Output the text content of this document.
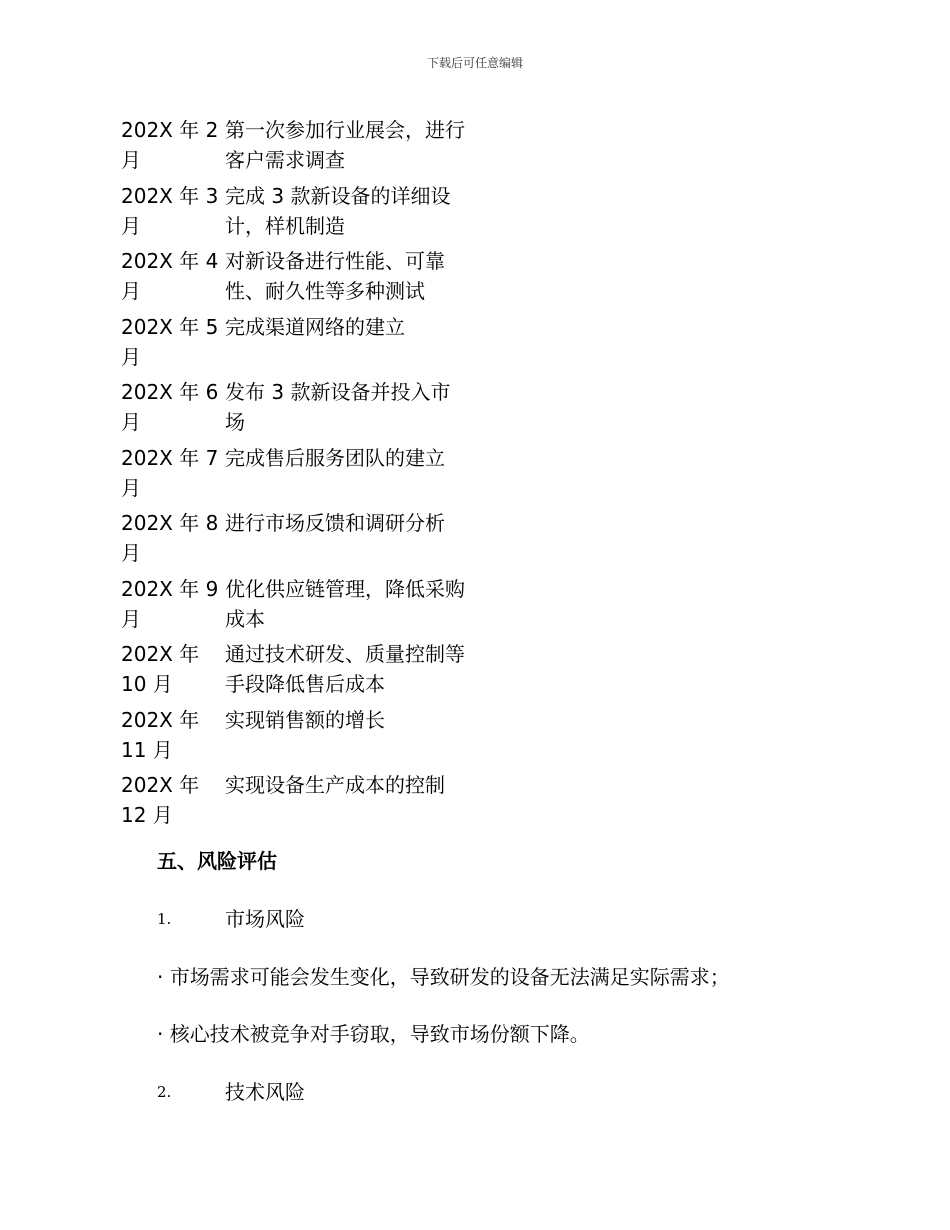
下载后可任意编辑
202X 年 2 月
第一次参加行业展会，进行客户需求调查
202X 年 3 月
完成 3 款新设备的详细设计，样机制造
202X 年 4 月
对新设备进行性能、可靠性、耐久性等多种测试
202X 年 5 月
完成渠道网络的建立
202X 年 6 月
发布 3 款新设备并投入市场
202X 年 7 月
完成售后服务团队的建立
202X 年 8 月
进行市场反馈和调研分析
202X 年 9 月
优化供应链管理，降低采购成本
202X 年 10 月
通过技术研发、质量控制等手段降低售后成本
202X 年 11 月
实现销售额的增长
202X 年 12 月
实现设备生产成本的控制
五、风险评估
1.	市场风险
· 市场需求可能会发生变化，导致研发的设备无法满足实际需求；
· 核心技术被竞争对手窃取，导致市场份额下降。
2.	技术风险
